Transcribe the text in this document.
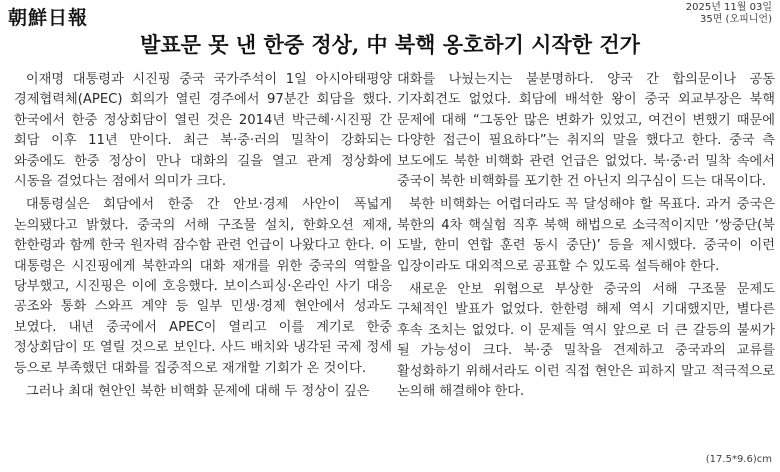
朝鮮日報	2025년 11월 03일
35면 (오피니언)
발표문 못 낸 한중 정상, 中 북핵 옹호하기 시작한 건가

이재명 대통령과 시진핑 중국 국가주석이 1일 아시아태평양 경제협력체(APEC) 회의가 열린 경주에서 97분간 회담을 했다. 한국에서 한중 정상회담이 열린 것은 2014년 박근혜·시진핑 간 회담 이후 11년 만이다. 최근 북·중·러의 밀착이 강화되는 와중에도 한중 정상이 만나 대화의 길을 열고 관계 정상화에 시동을 걸었다는 점에서 의미가 크다.

대통령실은 회담에서 한중 간 안보·경제 사안이 폭넓게 논의됐다고 밝혔다. 중국의 서해 구조물 설치, 한화오션 제재, 한한령과 함께 한국 원자력 잠수함 관련 언급이 나왔다고 한다. 이 대통령은 시진핑에게 북한과의 대화 재개를 위한 중국의 역할을 당부했고, 시진핑은 이에 호응했다. 보이스피싱·온라인 사기 대응 공조와 통화 스와프 계약 등 일부 민생·경제 현안에서 성과도 보였다. 내년 중국에서 APEC이 열리고 이를 계기로 한중 정상회담이 또 열릴 것으로 보인다. 사드 배치와 냉각된 국제 정세 등으로 부족했던 대화를 집중적으로 재개할 기회가 온 것이다.

그러나 최대 현안인 북한 비핵화 문제에 대해 두 정상이 깊은

대화를 나눴는지는 불분명하다. 양국 간 합의문이나 공동 기자회견도 없었다. 회담에 배석한 왕이 중국 외교부장은 북핵 문제에 대해 “그동안 많은 변화가 있었고, 여건이 변했기 때문에 다양한 접근이 필요하다”는 취지의 말을 했다고 한다. 중국 측 보도에도 북한 비핵화 관련 언급은 없었다. 북·중·러 밀착 속에서 중국이 북한 비핵화를 포기한 건 아닌지 의구심이 드는 대목이다.

북한 비핵화는 어렵더라도 꼭 달성해야 할 목표다. 과거 중국은 북한의 4차 핵실험 직후 북핵 해법으로 소극적이지만 ‘쌍중단(북 도발, 한미 연합 훈련 동시 중단)’ 등을 제시했다. 중국이 이런 입장이라도 대외적으로 공표할 수 있도록 설득해야 한다.

새로운 안보 위협으로 부상한 중국의 서해 구조물 문제도 구체적인 발표가 없었다. 한한령 해제 역시 기대했지만, 별다른 후속 조치는 없었다. 이 문제들 역시 앞으로 더 큰 갈등의 불씨가 될 가능성이 크다. 북·중 밀착을 견제하고 중국과의 교류를 활성화하기 위해서라도 이런 직접 현안은 피하지 말고 적극적으로 논의해 해결해야 한다.

(17.5*9.6)cm
